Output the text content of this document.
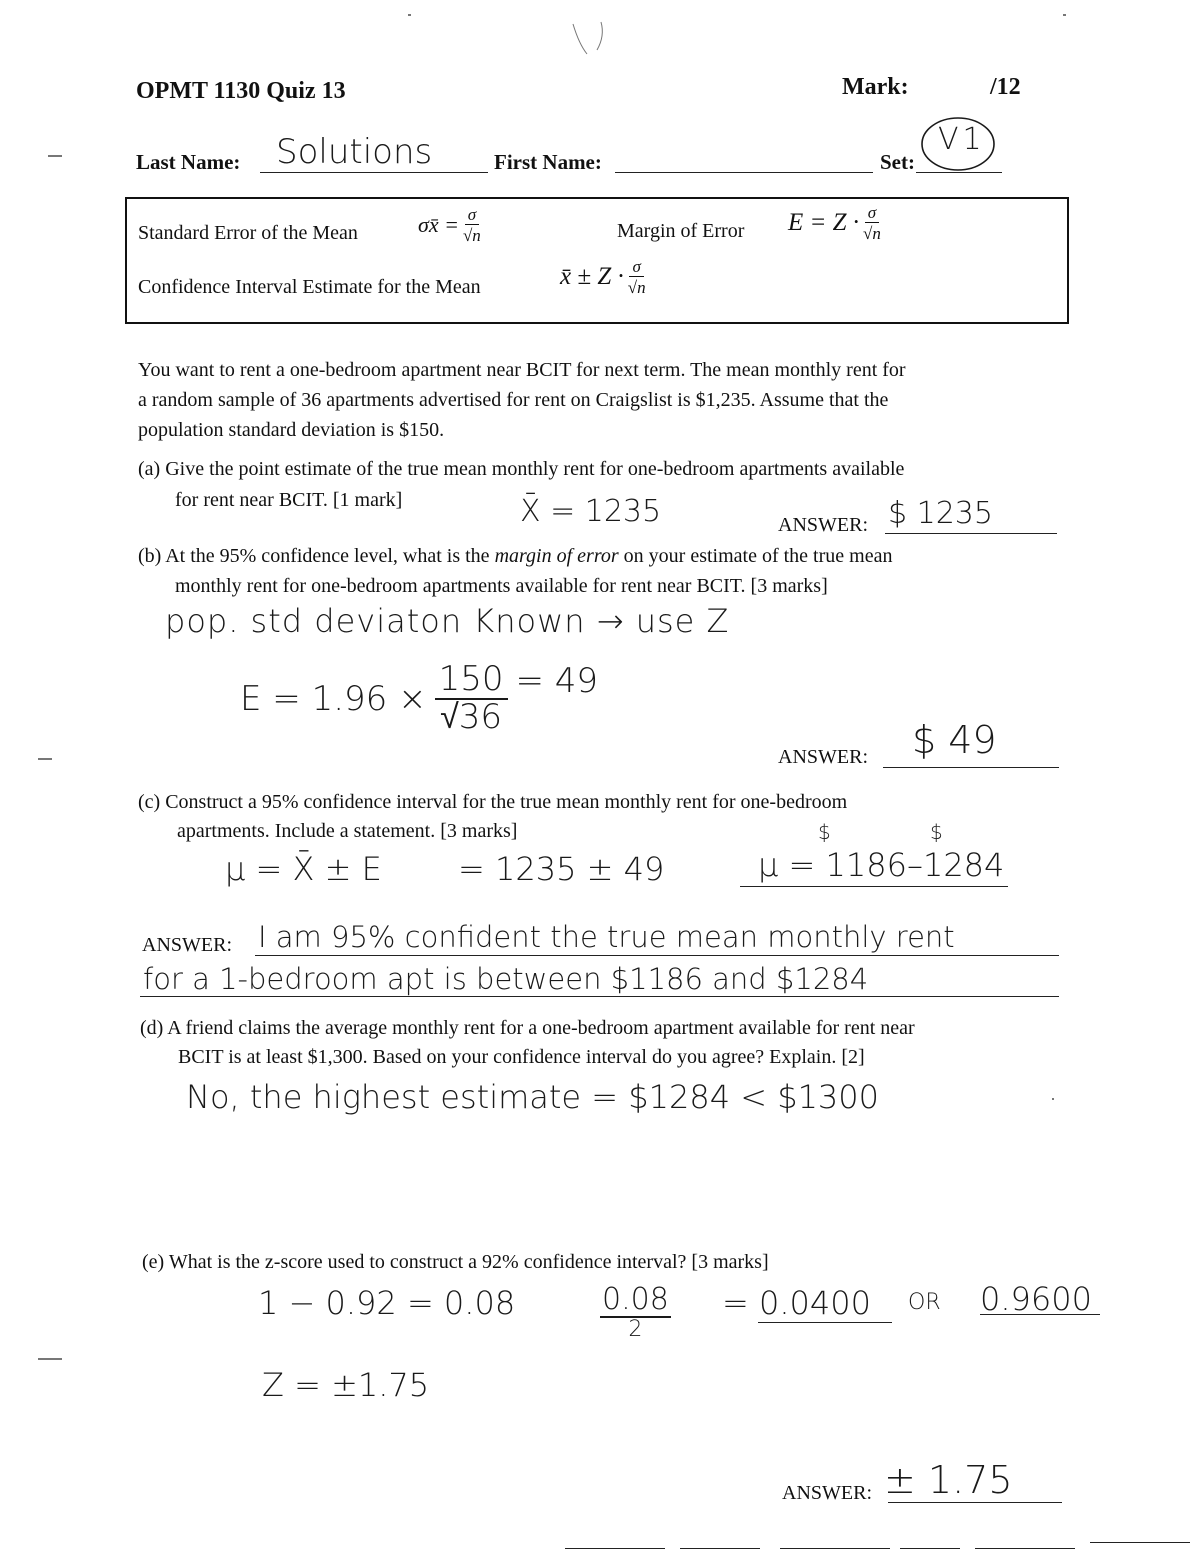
OPMT 1130 Quiz 13	Mark:	/12
Last Name: Solutions	First Name:	Set:
V1
Standard Error of the Mean	σx̄ = $\frac{\sigma}{√n}$	Margin of Error $E = Z \cdot \frac{\sigma}{√n}$
Confidence Interval Estimate for the Mean	x̄ ± $Z \cdot \frac{\sigma}{√n}$
You want to rent a one-bedroom apartment near BCIT for next term. The mean monthly rent for
a random sample of 36 apartments advertised for rent on Craigslist is $1,235. Assume that the
population standard deviation is $150.
(a) Give the point estimate of the true mean monthly rent for one-bedroom apartments available
for rent near BCIT. [1 mark]	X̄ = 1235	ANSWER: $ 1235
(b) At the 95% confidence level, what is the margin of error on your estimate of the true mean
monthly rent for one-bedroom apartments available for rent near BCIT. [3 marks]
pop. std deviaton Known → use Z
$E = 1.96 \times \frac{150}{√36} = 49$
ANSWER: $ 49
(c) Construct a 95% confidence interval for the true mean monthly rent for one-bedroom
apartments. Include a statement. [3 marks]	$	$
μ = X̄ ± E = 1235 ± 49	μ = 1186–1284
ANSWER: I am 95% confident the true mean monthly rent
for a 1-bedroom apt is between $1186 and $1284
(d) A friend claims the average monthly rent for a one-bedroom apartment available for rent near
BCIT is at least $1,300. Based on your confidence interval do you agree? Explain. [2]
No, the highest estimate = $1284 < $1300
(e) What is the z-score used to construct a 92% confidence interval? [3 marks]
1 − 0.92 = 0.08	0.08
2
= 0.0400 OR 0.9600
Z = ±1.75
ANSWER: ± 1.75
